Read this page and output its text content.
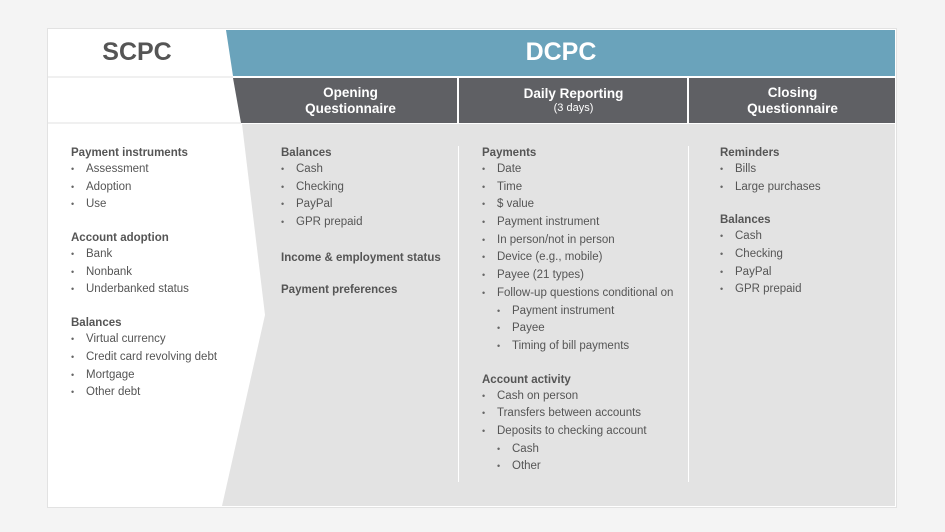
SCPC	DCPC
Opening
Questionnaire
Daily Reporting
(3 days)
Closing
Questionnaire
Payment instruments
• Assessment
• Adoption
• Use
Account adoption
• Bank
• Nonbank
• Underbanked status
Balances
• Virtual currency
• Credit card revolving debt
• Mortgage
• Other debt
Balances
• Cash
• Checking
• PayPal
• GPR prepaid
Income & employment status
Payment preferences
Payments
• Date
• Time
• $ value
• Payment instrument
• In person/not in person
• Device (e.g., mobile)
• Payee (21 types)
• Follow-up questions conditional on
• Payment instrument
• Payee
• Timing of bill payments
Account activity
• Cash on person
• Transfers between accounts
• Deposits to checking account
• Cash
• Other
Reminders
• Bills
• Large purchases
Balances
• Cash
• Checking
• PayPal
• GPR prepaid
